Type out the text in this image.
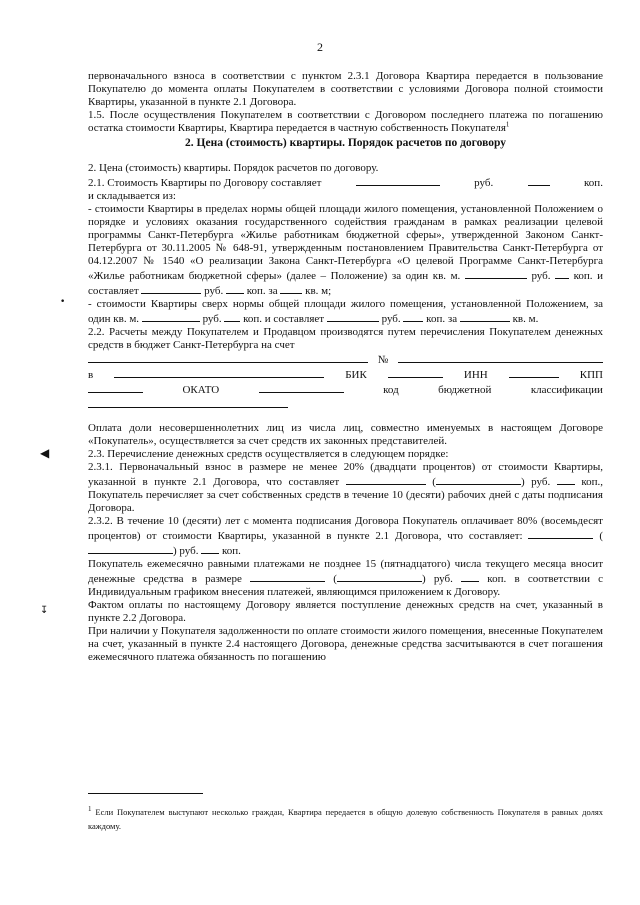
2

первоначального взноса в соответствии с пунктом 2.3.1 Договора Квартира передается в пользование Покупателю до момента оплаты Покупателем в соответствии с условиями Договора полной стоимости Квартиры, указанной в пункте 2.1 Договора.

1.5. После осуществления Покупателем в соответствии с Договором последнего платежа по погашению остатка стоимости Квартиры, Квартира передается в частную собственность Покупателя$^1$

2. Цена (стоимость) квартиры. Порядок расчетов по договору

2. Цена (стоимость) квартиры. Порядок расчетов по договору.

2.1. Стоимость Квартиры по Договору составляет	руб.	коп.

и складывается из:

- стоимости Квартиры в пределах нормы общей площади жилого помещения, установленной Положением о порядке и условиях оказания государственного содействия гражданам в рамках реализации целевой программы Санкт-Петербурга «Жилье работникам бюджетной сферы», утвержденной Законом Санкт-Петербурга от 30.11.2005 № 648-91, утвержденным постановлением Правительства Санкт-Петербурга от 04.12.2007 № 1540 «О реализации Закона Санкт-Петербурга «О целевой Программе Санкт-Петербурга «Жилье работникам бюджетной сферы» (далее – Положение) за один кв. м.	руб. коп. и составляет	руб. коп. за	кв. м;

- стоимости Квартиры сверх нормы общей площади жилого помещения, установленной Положением, за один кв. м.	руб. коп. и составляет	руб. коп. за	кв. м.

2.2. Расчеты между Покупателем и Продавцом производятся путем перечисления Покупателем денежных средств в бюджет Санкт-Петербурга на счет

№

в	БИК	ИНН	КПП

ОКАТО	код	бюджетной	классификации

Оплата доли несовершеннолетних лиц из числа лиц, совместно именуемых в настоящем Договоре «Покупатель», осуществляется за счет средств их законных представителей.

2.3. Перечисление денежных средств осуществляется в следующем порядке:

2.3.1. Первоначальный взнос в размере не менее 20% (двадцати процентов) от стоимости Квартиры, указанной в пункте 2.1 Договора, что составляет	(	) руб.	коп., Покупатель перечисляет за счет собственных средств в течение 10 (десяти) рабочих дней с даты подписания Договора.

2.3.2. В течение 10 (десяти) лет с момента подписания Договора Покупатель оплачивает 80% (восемьдесят процентов) от стоимости Квартиры, указанной в пункте 2.1 Договора, что составляет:	() руб. коп.

Покупатель ежемесячно равными платежами не позднее 15 (пятнадцатого) числа текущего месяца вносит денежные средства в размере	(	) руб.	коп. в соответствии с Индивидуальным графиком внесения платежей, являющимся приложением к Договору.

Фактом оплаты по настоящему Договору является поступление денежных средств на счет, указанный в пункте 2.2 Договора.

При наличии у Покупателя задолженности по оплате стоимости жилого помещения, внесенные Покупателем на счет, указанный в пункте 2.4 настоящего Договора, денежные средства засчитываются в счет погашения ежемесячного платежа обязанность по погашению

$^1$ Если Покупателем выступают несколько граждан, Квартира передается в общую долевую собственность Покупателя в равных долях каждому.
•
◀
↧
